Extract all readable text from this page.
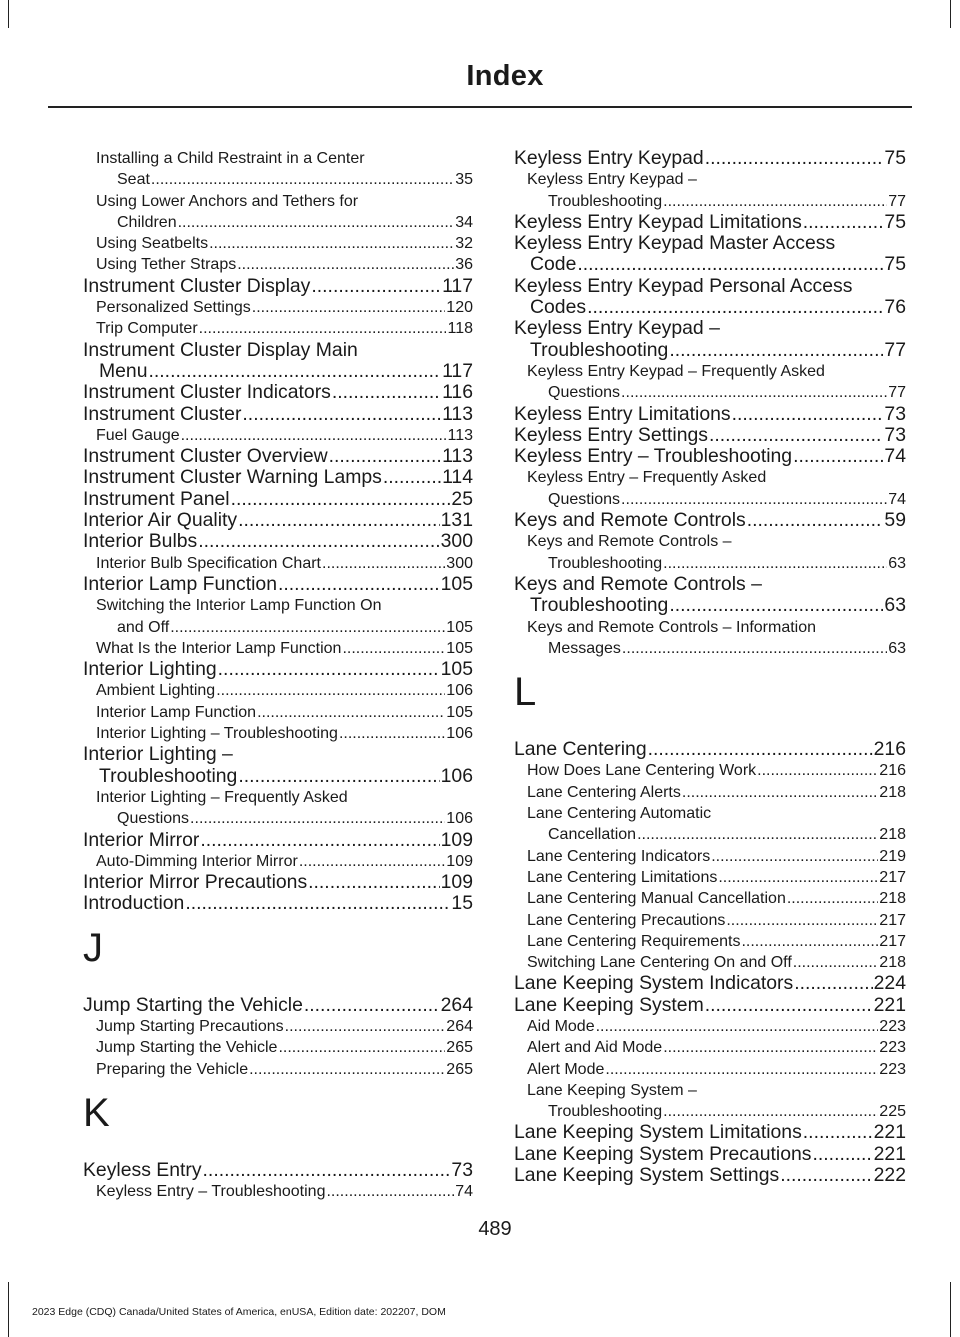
Index
Installing a Child Restraint in a Center
Seat .....	35
Using Lower Anchors and Tethers for
Children .....	34
Using Seatbelts .....	32
Using Tether Straps .....	36
Instrument Cluster Display .....	117
Personalized Settings .....	120
Trip Computer .....	118
Instrument Cluster Display Main
Menu .....	117
Instrument Cluster Indicators .....	116
Instrument Cluster .....	113
Fuel Gauge .....	113
Instrument Cluster Overview .....	113
Instrument Cluster Warning Lamps .....	114
Instrument Panel .....	25
Interior Air Quality .....	131
Interior Bulbs .....	300
Interior Bulb Specification Chart .....	300
Interior Lamp Function .....	105
Switching the Interior Lamp Function On
and Off .....	105
What Is the Interior Lamp Function .....	105
Interior Lighting .....	105
Ambient Lighting .....	106
Interior Lamp Function .....	105
Interior Lighting – Troubleshooting .....	106
Interior Lighting –
Troubleshooting .....	106
Interior Lighting – Frequently Asked
Questions .....	106
Interior Mirror .....	109
Auto-Dimming Interior Mirror .....	109
Interior Mirror Precautions .....	109
Introduction .....	15
J
Jump Starting the Vehicle .....	264
Jump Starting Precautions .....	264
Jump Starting the Vehicle .....	265
Preparing the Vehicle .....	265
K
Keyless Entry .....	73
Keyless Entry – Troubleshooting .....	74
Keyless Entry Keypad .....	75
Keyless Entry Keypad –
Troubleshooting .....	77
Keyless Entry Keypad Limitations .....	75
Keyless Entry Keypad Master Access
Code .....	75
Keyless Entry Keypad Personal Access
Codes .....	76
Keyless Entry Keypad –
Troubleshooting .....	77
Keyless Entry Keypad – Frequently Asked
Questions .....	77
Keyless Entry Limitations .....	73
Keyless Entry Settings .....	73
Keyless Entry – Troubleshooting .....	74
Keyless Entry – Frequently Asked
Questions .....	74
Keys and Remote Controls .....	59
Keys and Remote Controls –
Troubleshooting .....	63
Keys and Remote Controls –
Troubleshooting .....	63
Keys and Remote Controls – Information
Messages .....	63
L
Lane Centering .....	216
How Does Lane Centering Work .....	216
Lane Centering Alerts .....	218
Lane Centering Automatic
Cancellation .....	218
Lane Centering Indicators .....	219
Lane Centering Limitations .....	217
Lane Centering Manual Cancellation .....	218
Lane Centering Precautions .....	217
Lane Centering Requirements .....	217
Switching Lane Centering On and Off .....	218
Lane Keeping System Indicators .....	224
Lane Keeping System .....	221
Aid Mode .....	223
Alert and Aid Mode .....	223
Alert Mode .....	223
Lane Keeping System –
Troubleshooting .....	225
Lane Keeping System Limitations .....	221
Lane Keeping System Precautions .....	221
Lane Keeping System Settings .....	222
489
2023 Edge (CDQ) Canada/United States of America, enUSA, Edition date: 202207, DOM
